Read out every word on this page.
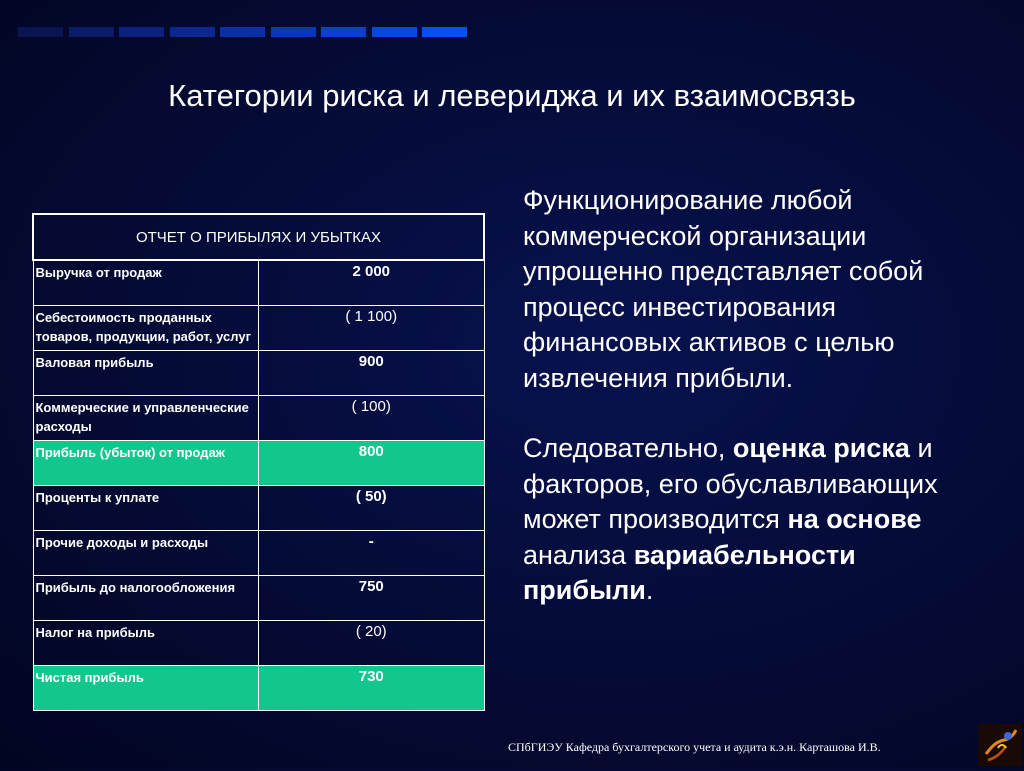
Категории риска и левериджа и их взаимосвязь
ОТЧЕТ О ПРИБЫЛЯХ И УБЫТКАХ	
Выручка от продаж	2 000
Себестоимость проданных товаров, продукции, работ, услуг	( 1 100)
Валовая прибыль	900
Коммерческие и управленческие расходы	( 100)
Прибыль (убыток) от продаж	800
Проценты к уплате	( 50)
Прочие доходы и расходы	-
Прибыль до налогообложения	750
Налог на прибыль	( 20)
Чистая прибыль	730

Функционирование любой коммерческой организации упрощенно представляет собой процесс инвестирования финансовых активов с целью извлечения прибыли.

Следовательно, оценка риска и факторов, его обуславливающих может производится на основе анализа вариабельности прибыли.

СПбГИЭУ Кафедра бухгалтерского учета и аудита к.э.н. Карташова И.В.
